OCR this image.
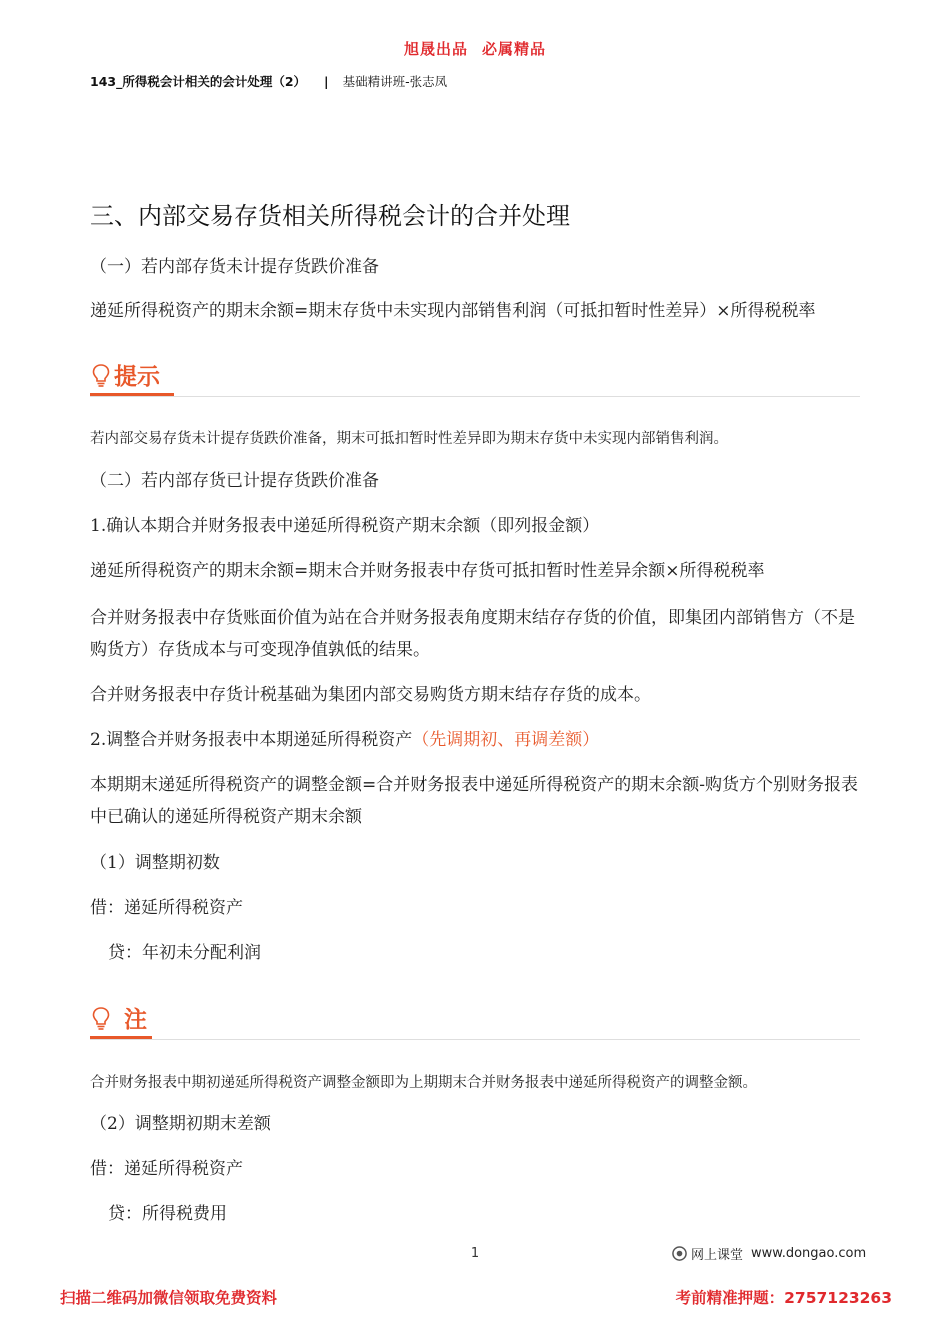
旭晟出品 必属精品
143_所得税会计相关的会计处理（2） | 基础精讲班-张志凤
三、内部交易存货相关所得税会计的合并处理
（一）若内部存货未计提存货跌价准备
递延所得税资产的期末余额=期末存货中未实现内部销售利润（可抵扣暂时性差异）×所得税税率
提示
若内部交易存货未计提存货跌价准备，期末可抵扣暂时性差异即为期末存货中未实现内部销售利润。
（二）若内部存货已计提存货跌价准备
1.确认本期合并财务报表中递延所得税资产期末余额（即列报金额）
递延所得税资产的期末余额=期末合并财务报表中存货可抵扣暂时性差异余额×所得税税率
合并财务报表中存货账面价值为站在合并财务报表角度期末结存存货的价值，即集团内部销售方（不是购货方）存货成本与可变现净值孰低的结果。
合并财务报表中存货计税基础为集团内部交易购货方期末结存存货的成本。
2.调整合并财务报表中本期递延所得税资产（先调期初、再调差额）
本期期末递延所得税资产的调整金额=合并财务报表中递延所得税资产的期末余额-购货方个别财务报表中已确认的递延所得税资产期末余额
（1）调整期初数
借：递延所得税资产
贷：年初未分配利润
注
合并财务报表中期初递延所得税资产调整金额即为上期期末合并财务报表中递延所得税资产的调整金额。
（2）调整期初期末差额
借：递延所得税资产
贷：所得税费用
1	网上课堂 www.dongao.com
扫描二维码加微信领取免费资料	考前精准押题：2757123263
